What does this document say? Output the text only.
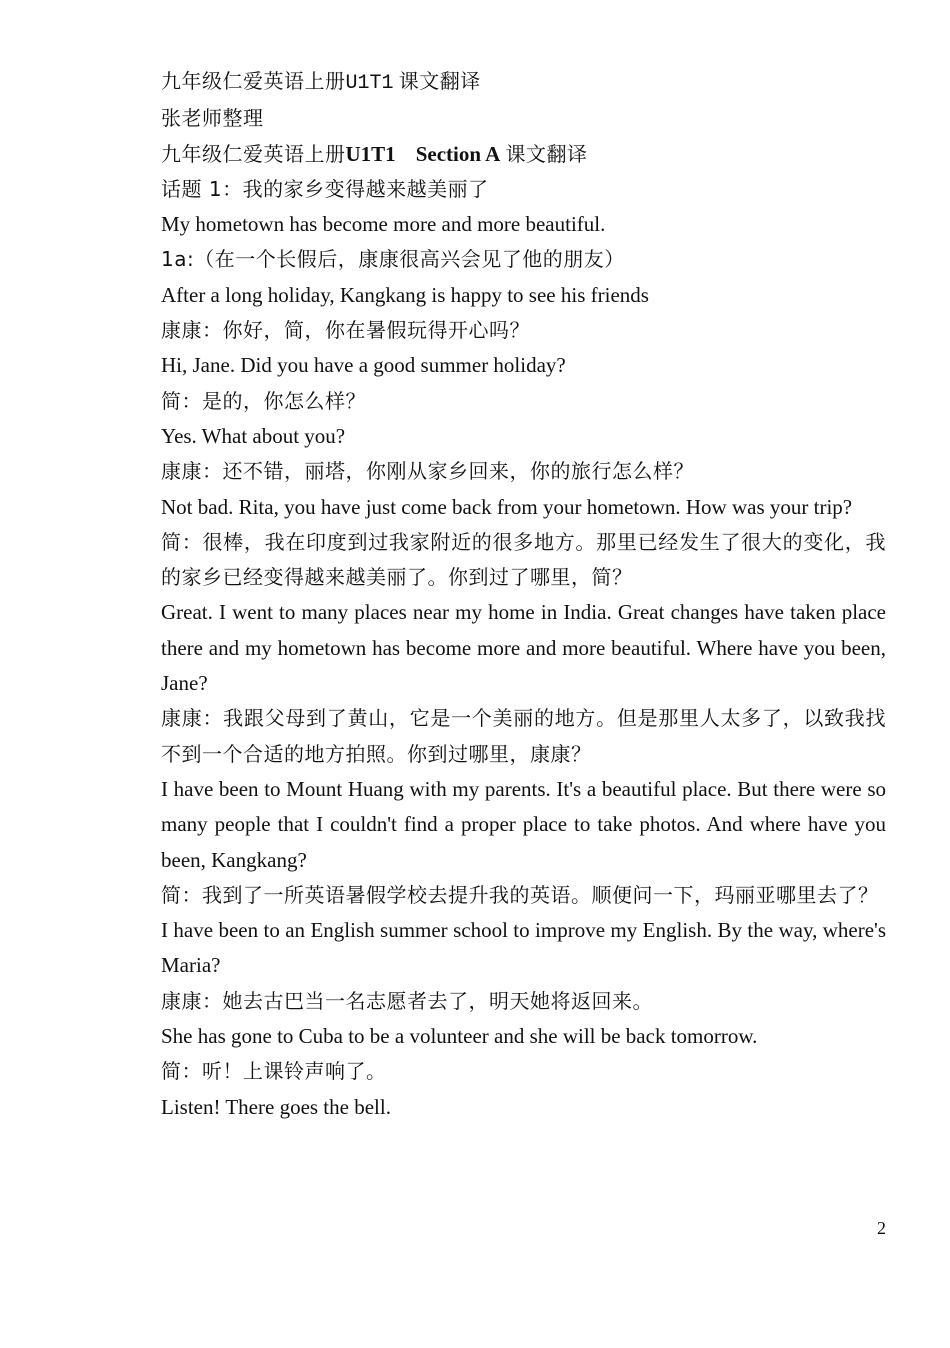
九年级仁爱英语上册U1T1 课文翻译

张老师整理

九年级仁爱英语上册U1T1 Section A 课文翻译

话题 1：我的家乡变得越来越美丽了

My hometown has become more and more beautiful.

1a:（在一个长假后，康康很高兴会见了他的朋友）

After a long holiday, Kangkang is happy to see his friends

康康：你好，简，你在暑假玩得开心吗？

Hi, Jane. Did you have a good summer holiday?

简：是的，你怎么样？

Yes. What about you?

康康：还不错，丽塔，你刚从家乡回来，你的旅行怎么样？

Not bad. Rita, you have just come back from your hometown. How was your trip?

简：很棒，我在印度到过我家附近的很多地方。那里已经发生了很大的变化，我的家乡已经变得越来越美丽了。你到过了哪里，简？

Great. I went to many places near my home in India. Great changes have taken place there and my hometown has become more and more beautiful. Where have you been, Jane?

康康：我跟父母到了黄山，它是一个美丽的地方。但是那里人太多了，以致我找不到一个合适的地方拍照。你到过哪里，康康？

I have been to Mount Huang with my parents. It's a beautiful place. But there were so many people that I couldn't find a proper place to take photos. And where have you been, Kangkang?

简：我到了一所英语暑假学校去提升我的英语。顺便问一下，玛丽亚哪里去了？

I have been to an English summer school to improve my English. By the way, where's Maria?

康康：她去古巴当一名志愿者去了，明天她将返回来。

She has gone to Cuba to be a volunteer and she will be back tomorrow.

简：听！上课铃声响了。

Listen! There goes the bell.

2
